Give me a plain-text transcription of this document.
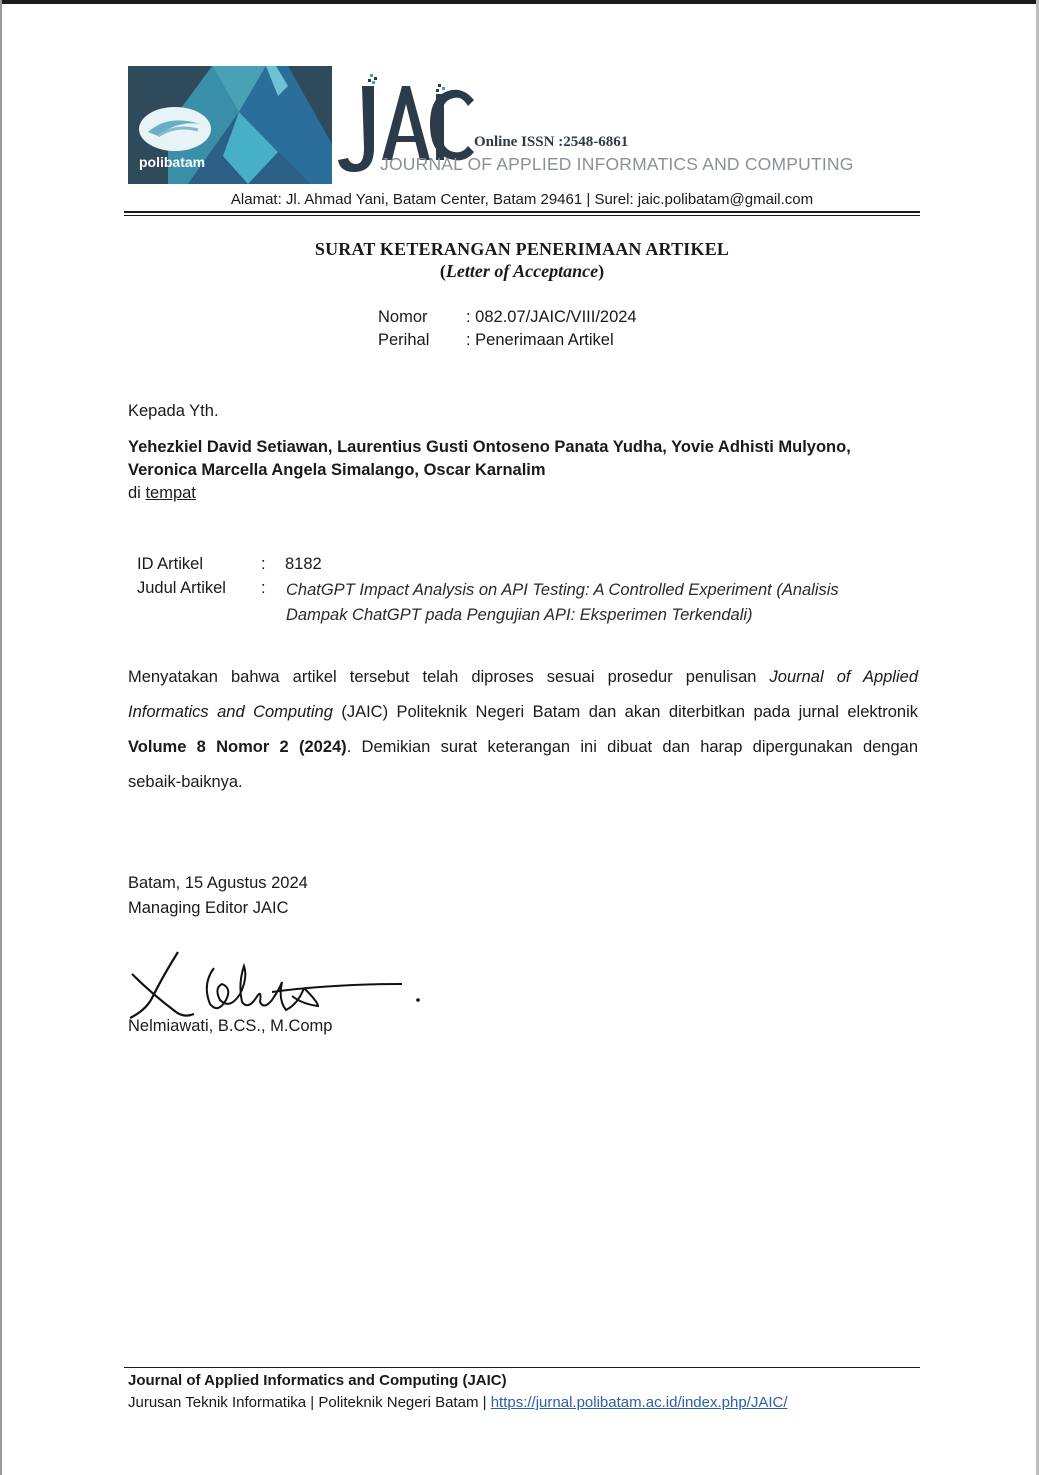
polibatam
Online ISSN :2548-6861
JOURNAL OF APPLIED INFORMATICS AND COMPUTING
Alamat: Jl. Ahmad Yani, Batam Center, Batam 29461 | Surel: jaic.polibatam@gmail.com
SURAT KETERANGAN PENERIMAAN ARTIKEL
(Letter of Acceptance)
Nomor : 082.07/JAIC/VIII/2024
Perihal : Penerimaan Artikel
Kepada Yth.
Yehezkiel David Setiawan, Laurentius Gusti Ontoseno Panata Yudha, Yovie Adhisti Mulyono,
Veronica Marcella Angela Simalango, Oscar Karnalim
di tempat
ID Artikel	: 8182
Judul Artikel :	ChatGPT Impact Analysis on API Testing: A Controlled Experiment (Analisis
Dampak ChatGPT pada Pengujian API: Eksperimen Terkendali)
Menyatakan bahwa artikel tersebut telah diproses sesuai prosedur penulisan Journal of Applied
Informatics and Computing (JAIC) Politeknik Negeri Batam dan akan diterbitkan pada jurnal elektronik
Volume 8 Nomor 2 (2024). Demikian surat keterangan ini dibuat dan harap dipergunakan dengan
sebaik-baiknya.
Batam, 15 Agustus 2024
Managing Editor JAIC
Nelmiawati, B.CS., M.Comp
Journal of Applied Informatics and Computing (JAIC)
Jurusan Teknik Informatika | Politeknik Negeri Batam | https://jurnal.polibatam.ac.id/index.php/JAIC/
